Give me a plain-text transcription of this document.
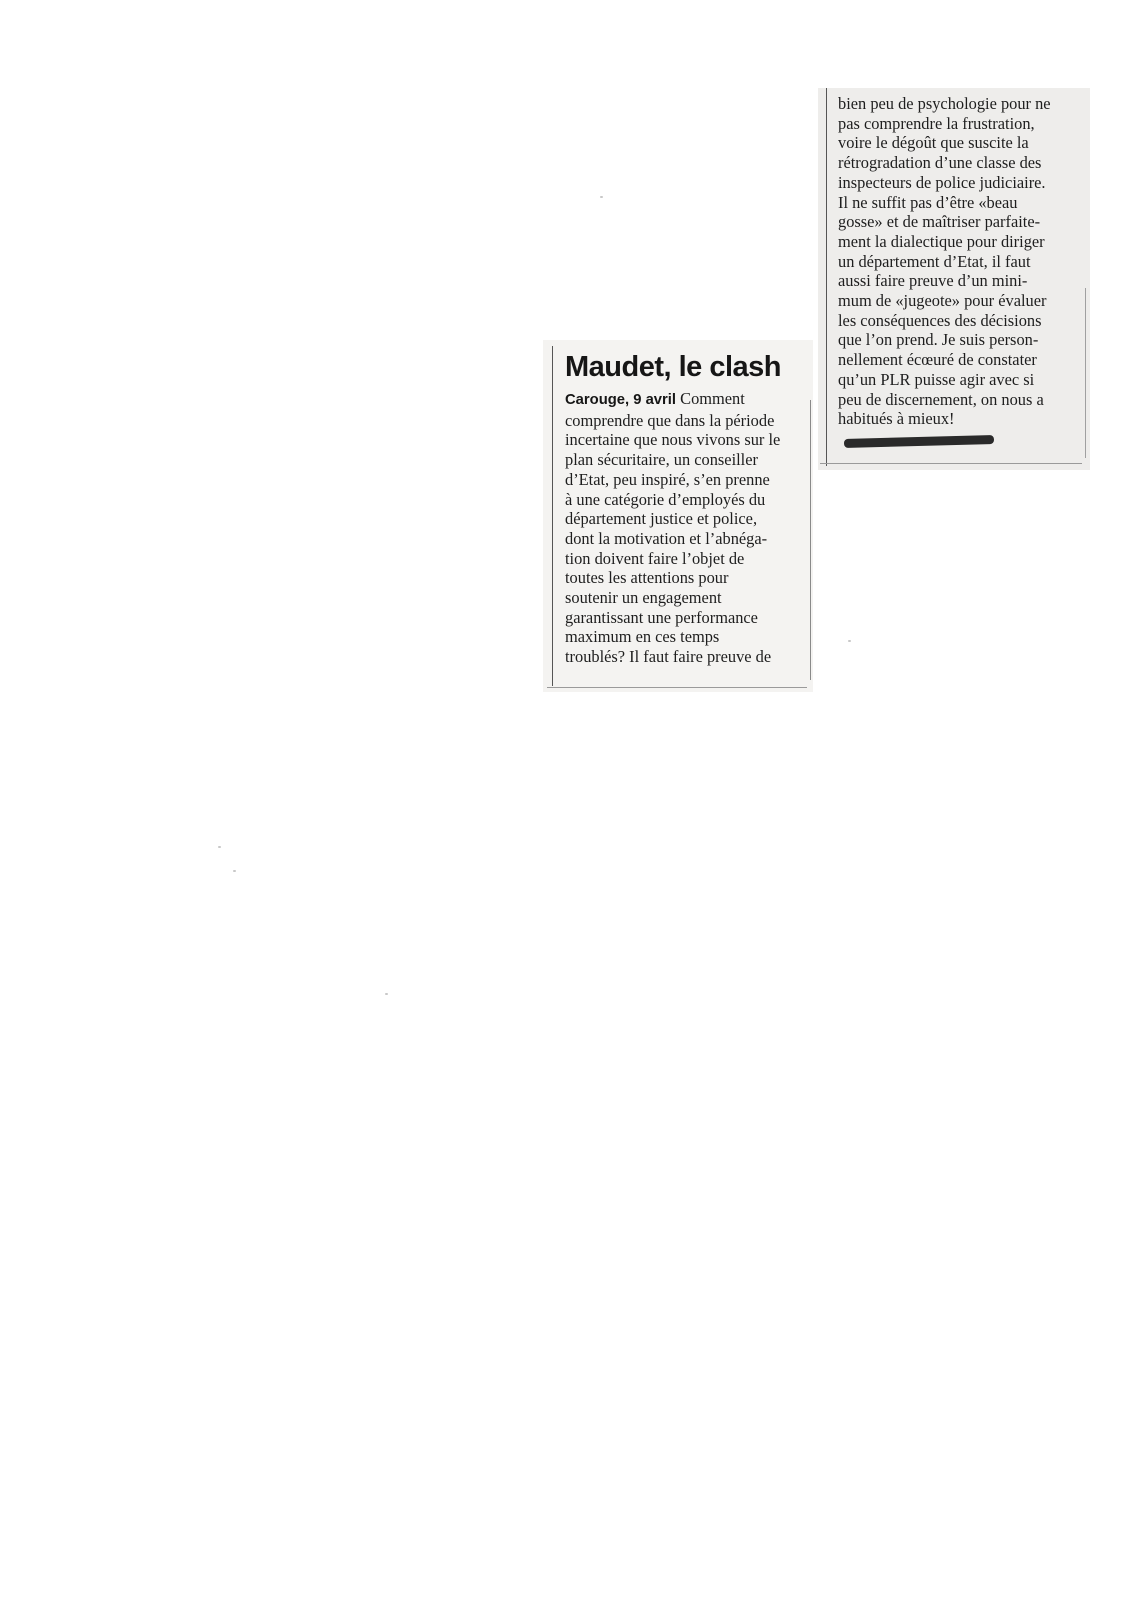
Maudet, le clash

Carouge, 9 avril Comment
comprendre que dans la période
incertaine que nous vivons sur le
plan sécuritaire, un conseiller
d’Etat, peu inspiré, s’en prenne
à une catégorie d’employés du
département justice et police,
dont la motivation et l’abnéga-
tion doivent faire l’objet de
toutes les attentions pour
soutenir un engagement
garantissant une performance
maximum en ces temps
troublés? Il faut faire preuve de

bien peu de psychologie pour ne
pas comprendre la frustration,
voire le dégoût que suscite la
rétrogradation d’une classe des
inspecteurs de police judiciaire.
Il ne suffit pas d’être «beau
gosse» et de maîtriser parfaite-
ment la dialectique pour diriger
un département d’Etat, il faut
aussi faire preuve d’un mini-
mum de «jugeote» pour évaluer
les conséquences des décisions
que l’on prend. Je suis person-
nellement écœuré de constater
qu’un PLR puisse agir avec si
peu de discernement, on nous a
habitués à mieux!
